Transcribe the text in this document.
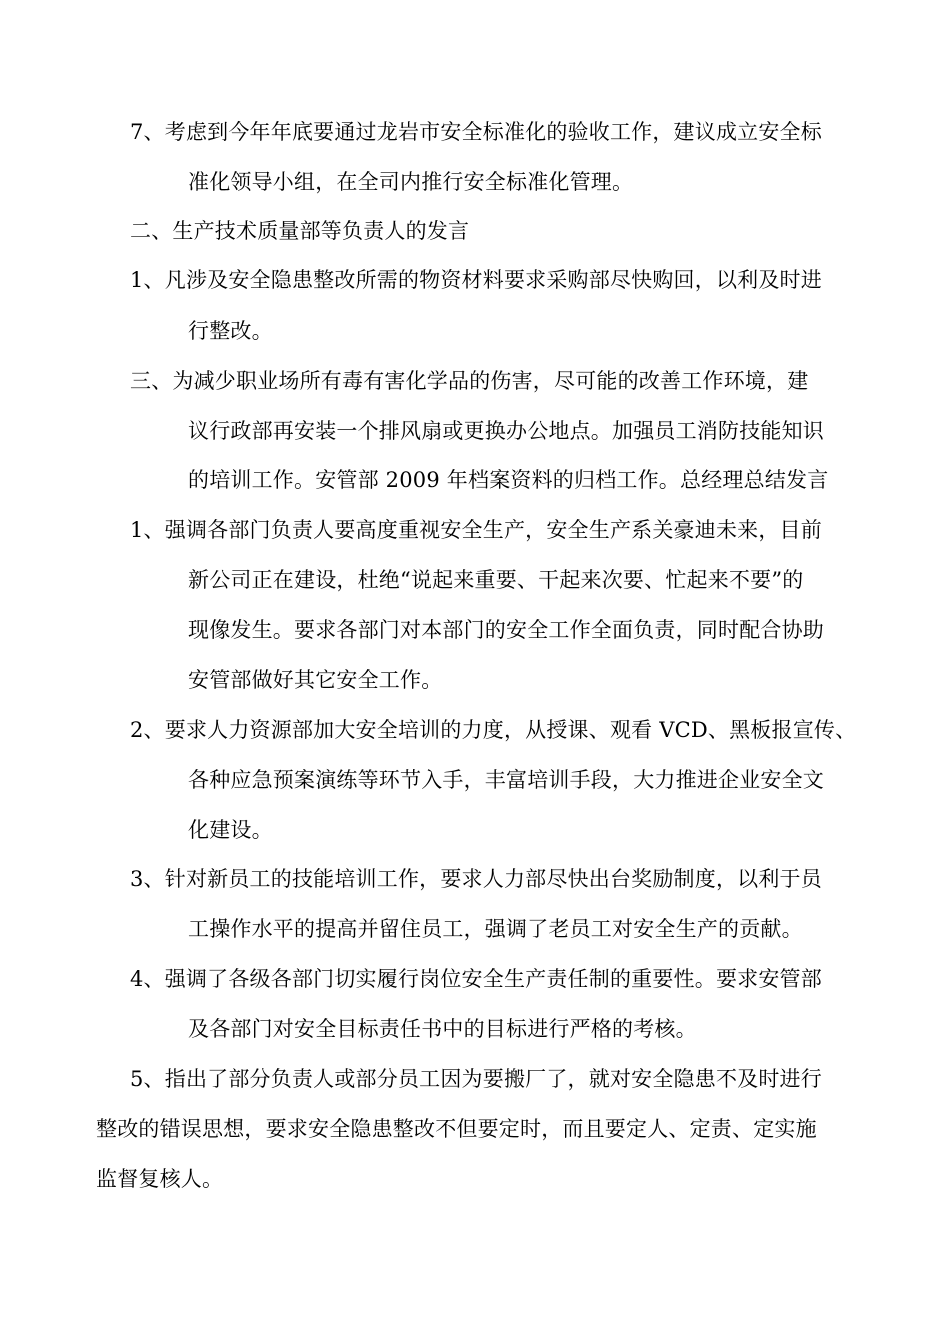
7、考虑到今年年底要通过龙岩市安全标准化的验收工作，建议成立安全标
准化领导小组，在全司内推行安全标准化管理。
二、生产技术质量部等负责人的发言
1、凡涉及安全隐患整改所需的物资材料要求采购部尽快购回，以利及时进
行整改。
三、为减少职业场所有毒有害化学品的伤害，尽可能的改善工作环境，建
议行政部再安装一个排风扇或更换办公地点。加强员工消防技能知识
的培训工作。安管部 2009 年档案资料的归档工作。总经理总结发言
1、强调各部门负责人要高度重视安全生产，安全生产系关豪迪未来，目前
新公司正在建设，杜绝“说起来重要、干起来次要、忙起来不要”的
现像发生。要求各部门对本部门的安全工作全面负责，同时配合协助
安管部做好其它安全工作。
2、要求人力资源部加大安全培训的力度，从授课、观看 VCD、黑板报宣传、
各种应急预案演练等环节入手，丰富培训手段，大力推进企业安全文
化建设。
3、针对新员工的技能培训工作，要求人力部尽快出台奖励制度，以利于员
工操作水平的提高并留住员工，强调了老员工对安全生产的贡献。
4、强调了各级各部门切实履行岗位安全生产责任制的重要性。要求安管部
及各部门对安全目标责任书中的目标进行严格的考核。
5、指出了部分负责人或部分员工因为要搬厂了，就对安全隐患不及时进行
整改的错误思想，要求安全隐患整改不但要定时，而且要定人、定责、定实施
监督复核人。
